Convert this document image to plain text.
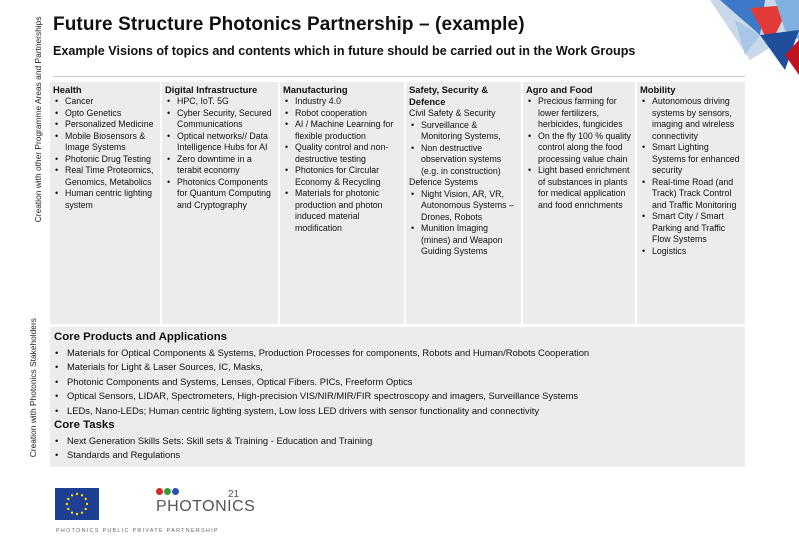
Future Structure Photonics Partnership – (example)
Example Visions of topics and contents which in future should be carried out in the Work Groups
Creation with other Programme Areas and Partnerships
Creation with Photonics Stakeholders
Health
• Cancer
• Opto Genetics
• Personalized Medicine
• Mobile Biosensors & Image Systems
• Photonic Drug Testing
• Real Time Proteomics, Genomics, Metabolics
• Human centric lighting system
Digital Infrastructure
• HPC, IoT. 5G
• Cyber Security, Secured Communications
• Optical networks// Data Intelligence Hubs for AI
• Zero downtime in a terabit economy
• Photonics Components for Quantum Computing and Cryptography
Manufacturing
• Industry 4.0
• Robot cooperation
• AI / Machine Learning for flexible production
• Quality control and non-destructive testing
• Photonics for Circular Economy & Recycling
• Materials for photonic production and photon induced material modification
Safety, Security & Defence
Civil Safety & Security
• Surveillance & Monitoring Systems,
• Non destructive observation systems (e.g. in construction)
Defence Systems
• Night Vision, AR, VR, Autonomous Systems – Drones, Robots
• Munition Imaging (mines) and Weapon Guiding Systems
Agro and Food
• Precious farming for lower fertilizers, herbicides, fungicides
• On the fly 100 % quality control along the food processing value chain
• Light based enrichment of substances in plants for medical application and food enrichments
Mobility
• Autonomous driving systems by sensors, imaging and wireless connectivity
• Smart Lighting Systems for enhanced security
• Real-time Road (and Track) Track Control and Traffic Monitoring
• Smart City / Smart Parking and Traffic Flow Systems
• Logistics
Core Products and Applications
• Materials for Optical Components & Systems, Production Processes for components, Robots and Human/Robots Cooperation
• Materials for Light & Laser Sources, IC, Masks,
• Photonic Components and Systems, Lenses, Optical Fibers. PICs, Freeform Optics
• Optical Sensors, LIDAR, Spectrometers, High-precision VIS/NIR/MIR/FIR spectroscopy and imagers, Surveillance Systems
• LEDs, Nano-LEDs; Human centric lighting system, Low loss LED drivers with sensor functionality and connectivity
Core Tasks
• Next Generation Skills Sets: Skill sets & Training - Education and Training
• Standards and Regulations
PHOTONICS
21
PHOTONICS PUBLIC PRIVATE PARTNERSHIP
